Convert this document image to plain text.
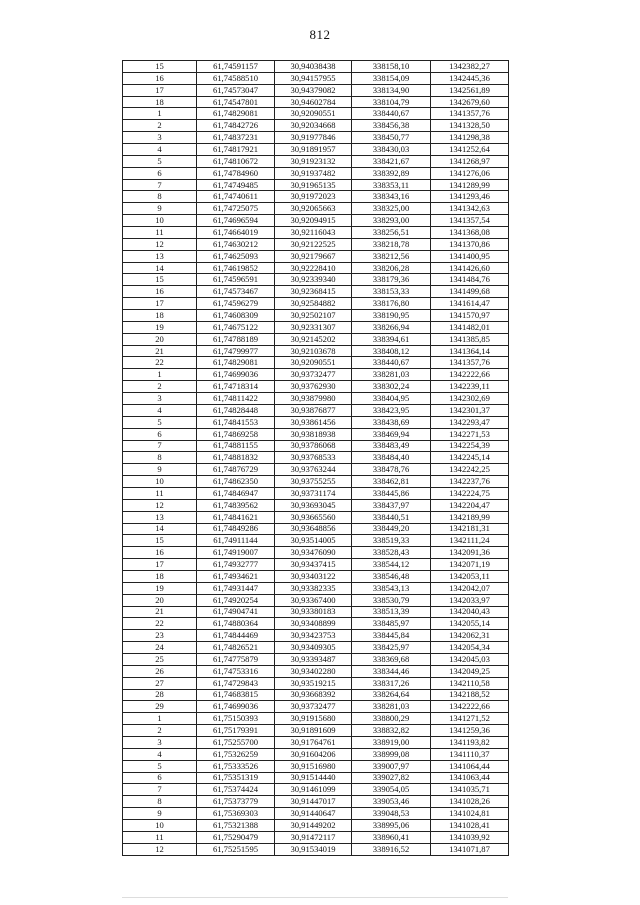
812
15	61,74591157	30,94038438	338158,10	1342382,27
16	61,74588510	30,94157955	338154,09	1342445,36
17	61,74573047	30,94379082	338134,90	1342561,89
18	61,74547801	30,94602784	338104,79	1342679,60
1	61,74829081	30,92090551	338440,67	1341357,76
2	61,74842726	30,92034668	338456,38	1341328,50
3	61,74837231	30,91977846	338450,77	1341298,38
4	61,74817921	30,91891957	338430,03	1341252,64
5	61,74810672	30,91923132	338421,67	1341268,97
6	61,74784960	30,91937482	338392,89	1341276,06
7	61,74749485	30,91965135	338353,11	1341289,99
8	61,74740611	30,91972023	338343,16	1341293,46
9	61,74725075	30,92065663	338325,00	1341342,63
10	61,74696594	30,92094915	338293,00	1341357,54
11	61,74664019	30,92116043	338256,51	1341368,08
12	61,74630212	30,92122525	338218,78	1341370,86
13	61,74625093	30,92179667	338212,56	1341400,95
14	61,74619852	30,92228410	338206,28	1341426,60
15	61,74596591	30,92339340	338179,36	1341484,76
16	61,74573467	30,92368415	338153,33	1341499,68
17	61,74596279	30,92584882	338176,80	1341614,47
18	61,74608309	30,92502107	338190,95	1341570,97
19	61,74675122	30,92331307	338266,94	1341482,01
20	61,74788189	30,92145202	338394,61	1341385,85
21	61,74799977	30,92103678	338408,12	1341364,14
22	61,74829081	30,92090551	338440,67	1341357,76
1	61,74699036	30,93732477	338281,03	1342222,66
2	61,74718314	30,93762930	338302,24	1342239,11
3	61,74811422	30,93879980	338404,95	1342302,69
4	61,74828448	30,93876877	338423,95	1342301,37
5	61,74841553	30,93861456	338438,69	1342293,47
6	61,74869258	30,93818938	338469,94	1342271,53
7	61,74881155	30,93786068	338483,49	1342254,39
8	61,74881832	30,93768533	338484,40	1342245,14
9	61,74876729	30,93763244	338478,76	1342242,25
10	61,74862350	30,93755255	338462,81	1342237,76
11	61,74846947	30,93731174	338445,86	1342224,75
12	61,74839562	30,93693045	338437,97	1342204,47
13	61,74841621	30,93665560	338440,51	1342189,99
14	61,74849286	30,93648856	338449,20	1342181,31
15	61,74911144	30,93514005	338519,33	1342111,24
16	61,74919007	30,93476090	338528,43	1342091,36
17	61,74932777	30,93437415	338544,12	1342071,19
18	61,74934621	30,93403122	338546,48	1342053,11
19	61,74931447	30,93382335	338543,13	1342042,07
20	61,74920254	30,93367400	338530,79	1342033,97
21	61,74904741	30,93380183	338513,39	1342040,43
22	61,74880364	30,93408899	338485,97	1342055,14
23	61,74844469	30,93423753	338445,84	1342062,31
24	61,74826521	30,93409305	338425,97	1342054,34
25	61,74775879	30,93393487	338369,68	1342045,03
26	61,74753316	30,93402280	338344,46	1342049,25
27	61,74729843	30,93519215	338317,26	1342110,58
28	61,74683815	30,93668392	338264,64	1342188,52
29	61,74699036	30,93732477	338281,03	1342222,66
1	61,75150393	30,91915680	338800,29	1341271,52
2	61,75179391	30,91891609	338832,82	1341259,36
3	61,75255700	30,91764761	338919,00	1341193,82
4	61,75326259	30,91604206	338999,08	1341110,37
5	61,75333526	30,91516980	339007,97	1341064,44
6	61,75351319	30,91514440	339027,82	1341063,44
7	61,75374424	30,91461099	339054,05	1341035,71
8	61,75373779	30,91447017	339053,46	1341028,26
9	61,75369303	30,91440647	339048,53	1341024,81
10	61,75321388	30,91449202	338995,06	1341028,41
11	61,75290479	30,91472117	338960,41	1341039,92
12	61,75251595	30,91534019	338916,52	1341071,87
